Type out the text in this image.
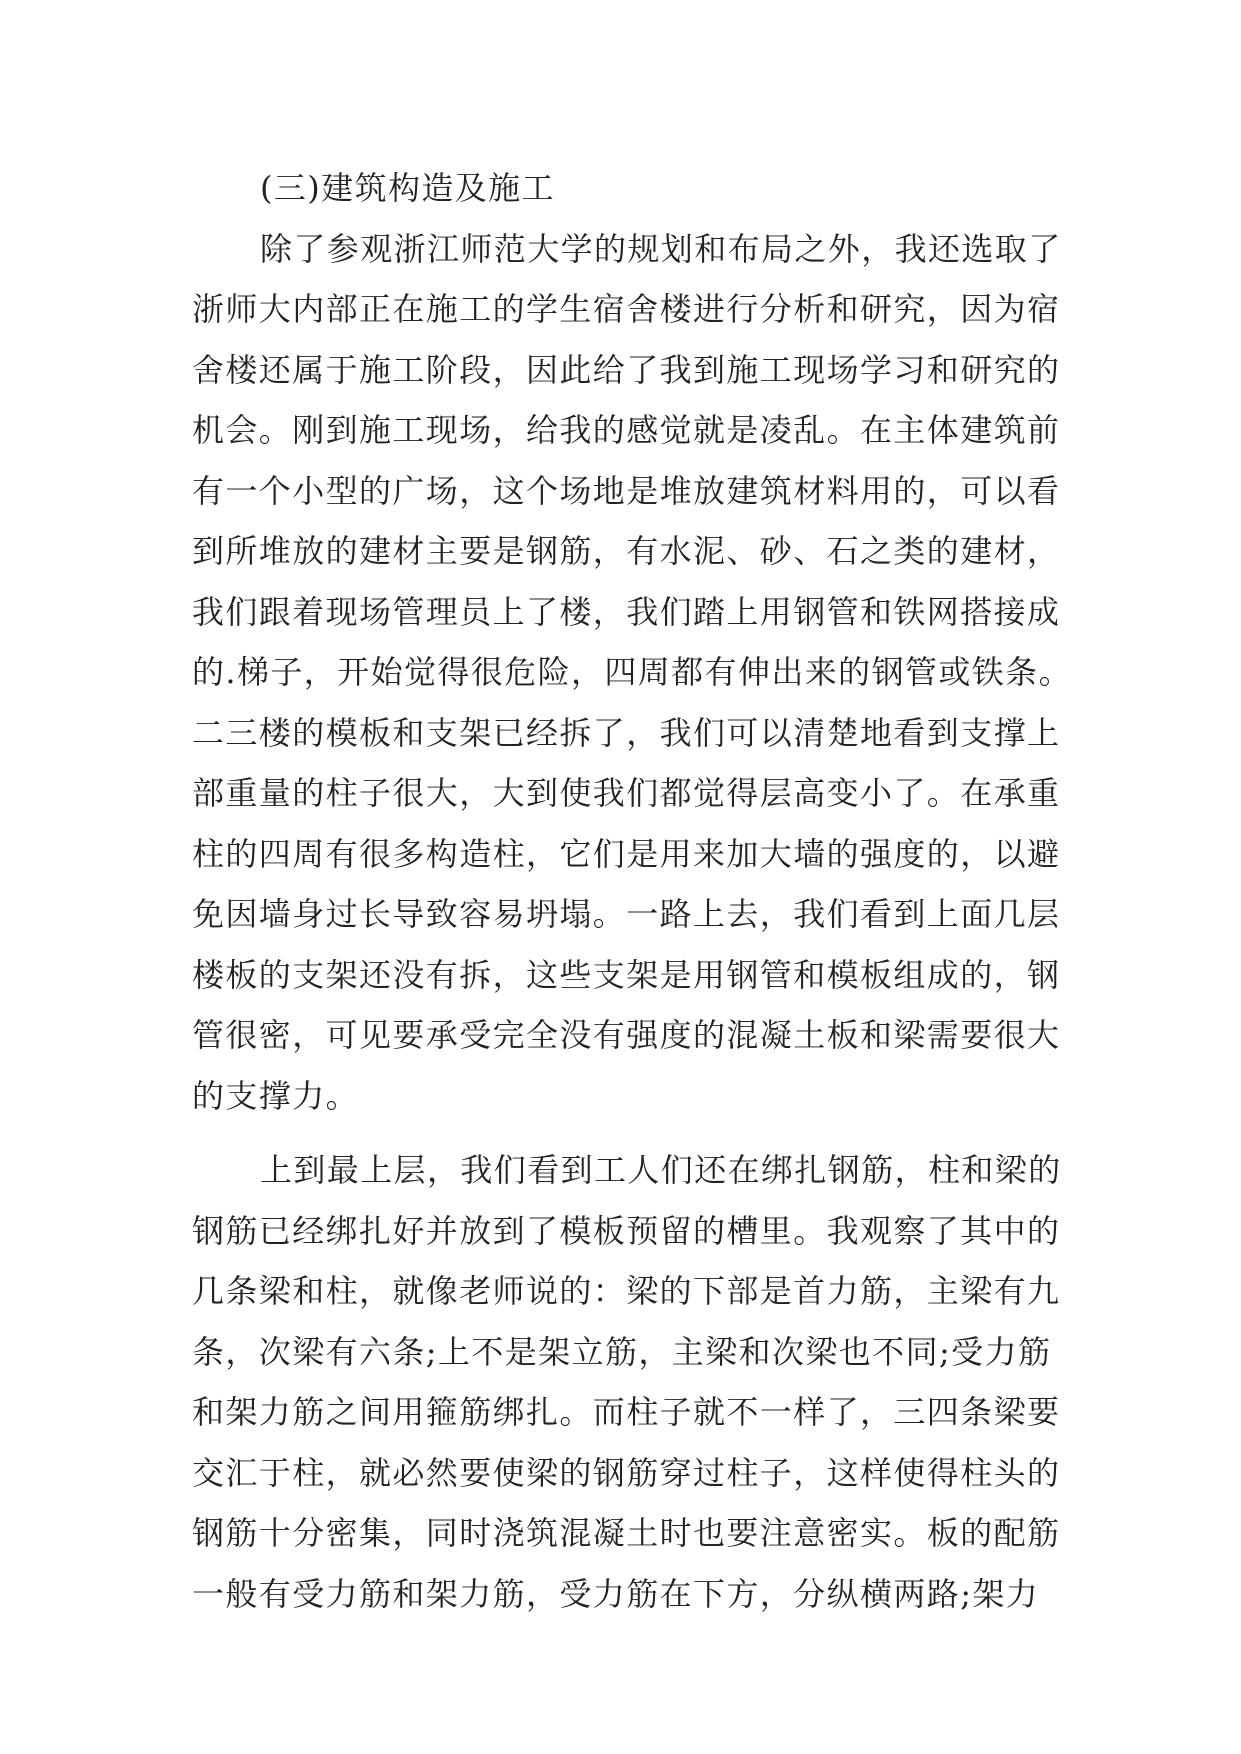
(三)建筑构造及施工
除了参观浙江师范大学的规划和布局之外，我还选取了
浙师大内部正在施工的学生宿舍楼进行分析和研究，因为宿
舍楼还属于施工阶段，因此给了我到施工现场学习和研究的
机会。刚到施工现场，给我的感觉就是凌乱。在主体建筑前
有一个小型的广场，这个场地是堆放建筑材料用的，可以看
到所堆放的建材主要是钢筋，有水泥、砂、石之类的建材，
我们跟着现场管理员上了楼，我们踏上用钢管和铁网搭接成
的.梯子，开始觉得很危险，四周都有伸出来的钢管或铁条。
二三楼的模板和支架已经拆了，我们可以清楚地看到支撑上
部重量的柱子很大，大到使我们都觉得层高变小了。在承重
柱的四周有很多构造柱，它们是用来加大墙的强度的，以避
免因墙身过长导致容易坍塌。一路上去，我们看到上面几层
楼板的支架还没有拆，这些支架是用钢管和模板组成的，钢
管很密，可见要承受完全没有强度的混凝土板和梁需要很大
的支撑力。
上到最上层，我们看到工人们还在绑扎钢筋，柱和梁的
钢筋已经绑扎好并放到了模板预留的槽里。我观察了其中的
几条梁和柱，就像老师说的：梁的下部是首力筋，主梁有九
条，次梁有六条;上不是架立筋，主梁和次梁也不同;受力筋
和架力筋之间用箍筋绑扎。而柱子就不一样了，三四条梁要
交汇于柱，就必然要使梁的钢筋穿过柱子，这样使得柱头的
钢筋十分密集，同时浇筑混凝土时也要注意密实。板的配筋
一般有受力筋和架力筋，受力筋在下方，分纵横两路;架力
